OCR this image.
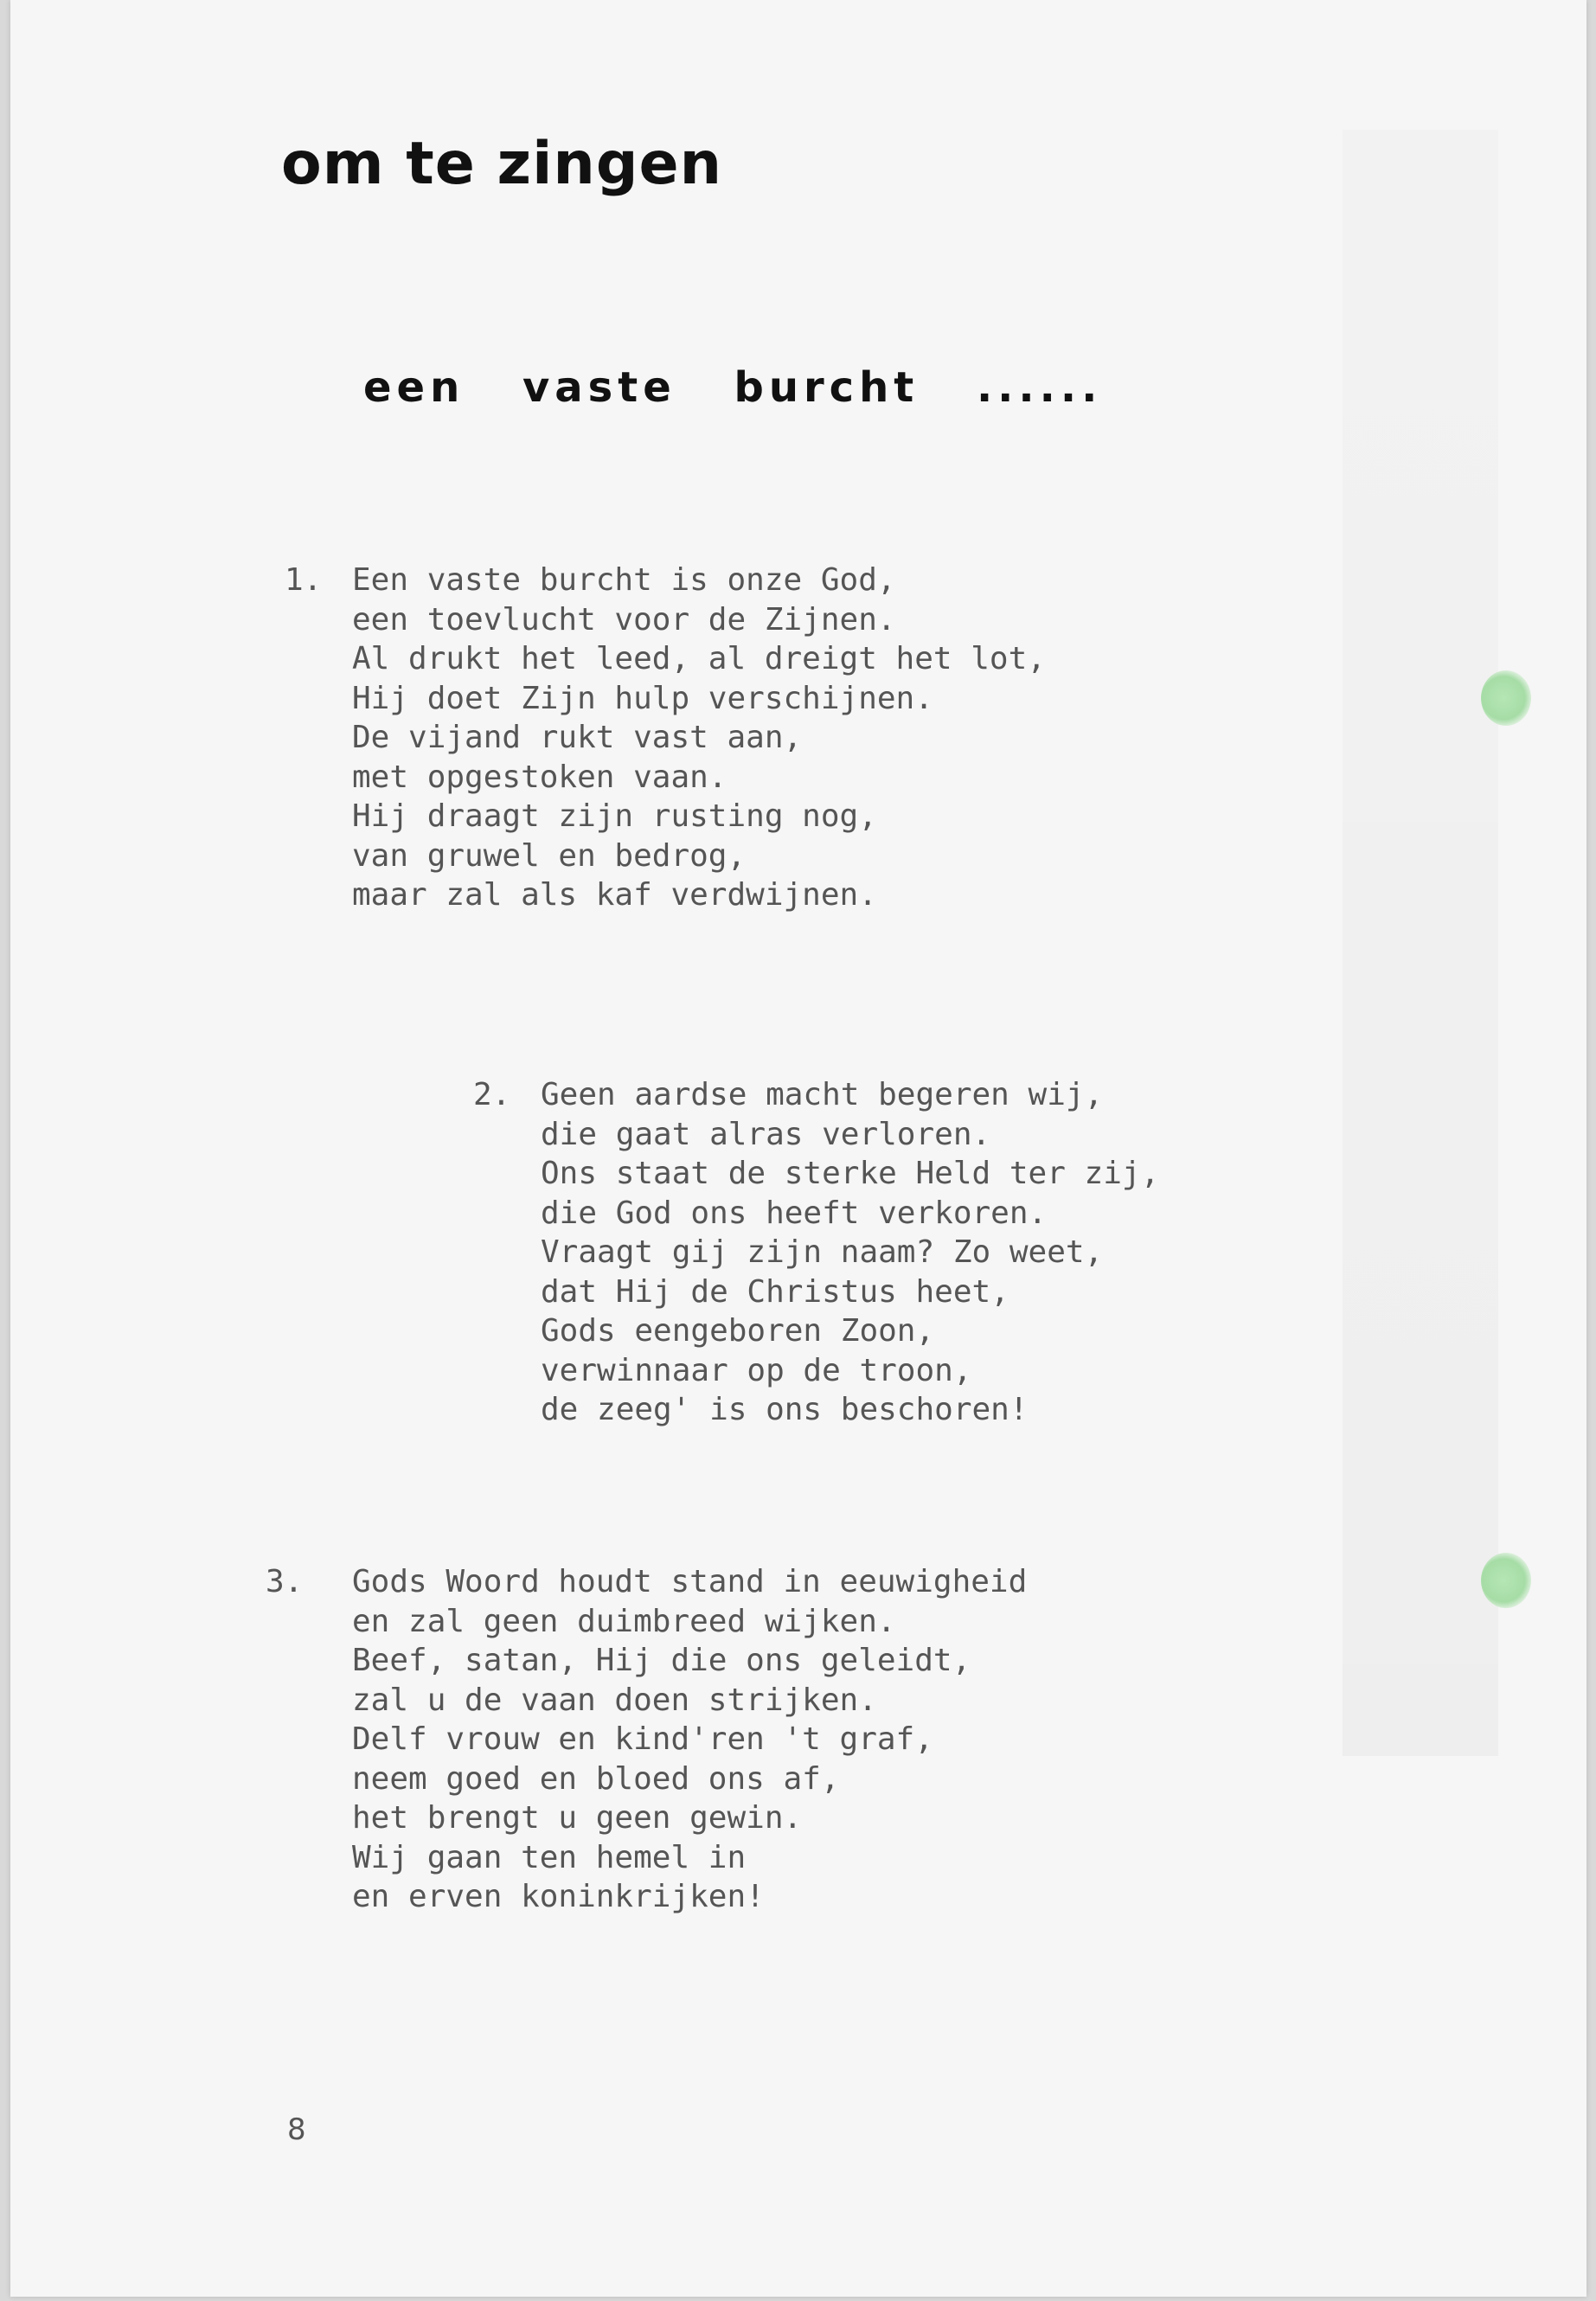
om te zingen
een vaste burcht ......
1. Een vaste burcht is onze God,
een toevlucht voor de Zijnen.
Al drukt het leed, al dreigt het lot,
Hij doet Zijn hulp verschijnen.
De vijand rukt vast aan,
met opgestoken vaan.
Hij draagt zijn rusting nog,
van gruwel en bedrog,
maar zal als kaf verdwijnen.
2. Geen aardse macht begeren wij,
die gaat alras verloren.
Ons staat de sterke Held ter zij,
die God ons heeft verkoren.
Vraagt gij zijn naam? Zo weet,
dat Hij de Christus heet,
Gods eengeboren Zoon,
verwinnaar op de troon,
de zeeg' is ons beschoren!
3. Gods Woord houdt stand in eeuwigheid
en zal geen duimbreed wijken.
Beef, satan, Hij die ons geleidt,
zal u de vaan doen strijken.
Delf vrouw en kind'ren 't graf,
neem goed en bloed ons af,
het brengt u geen gewin.
Wij gaan ten hemel in
en erven koninkrijken!
8
